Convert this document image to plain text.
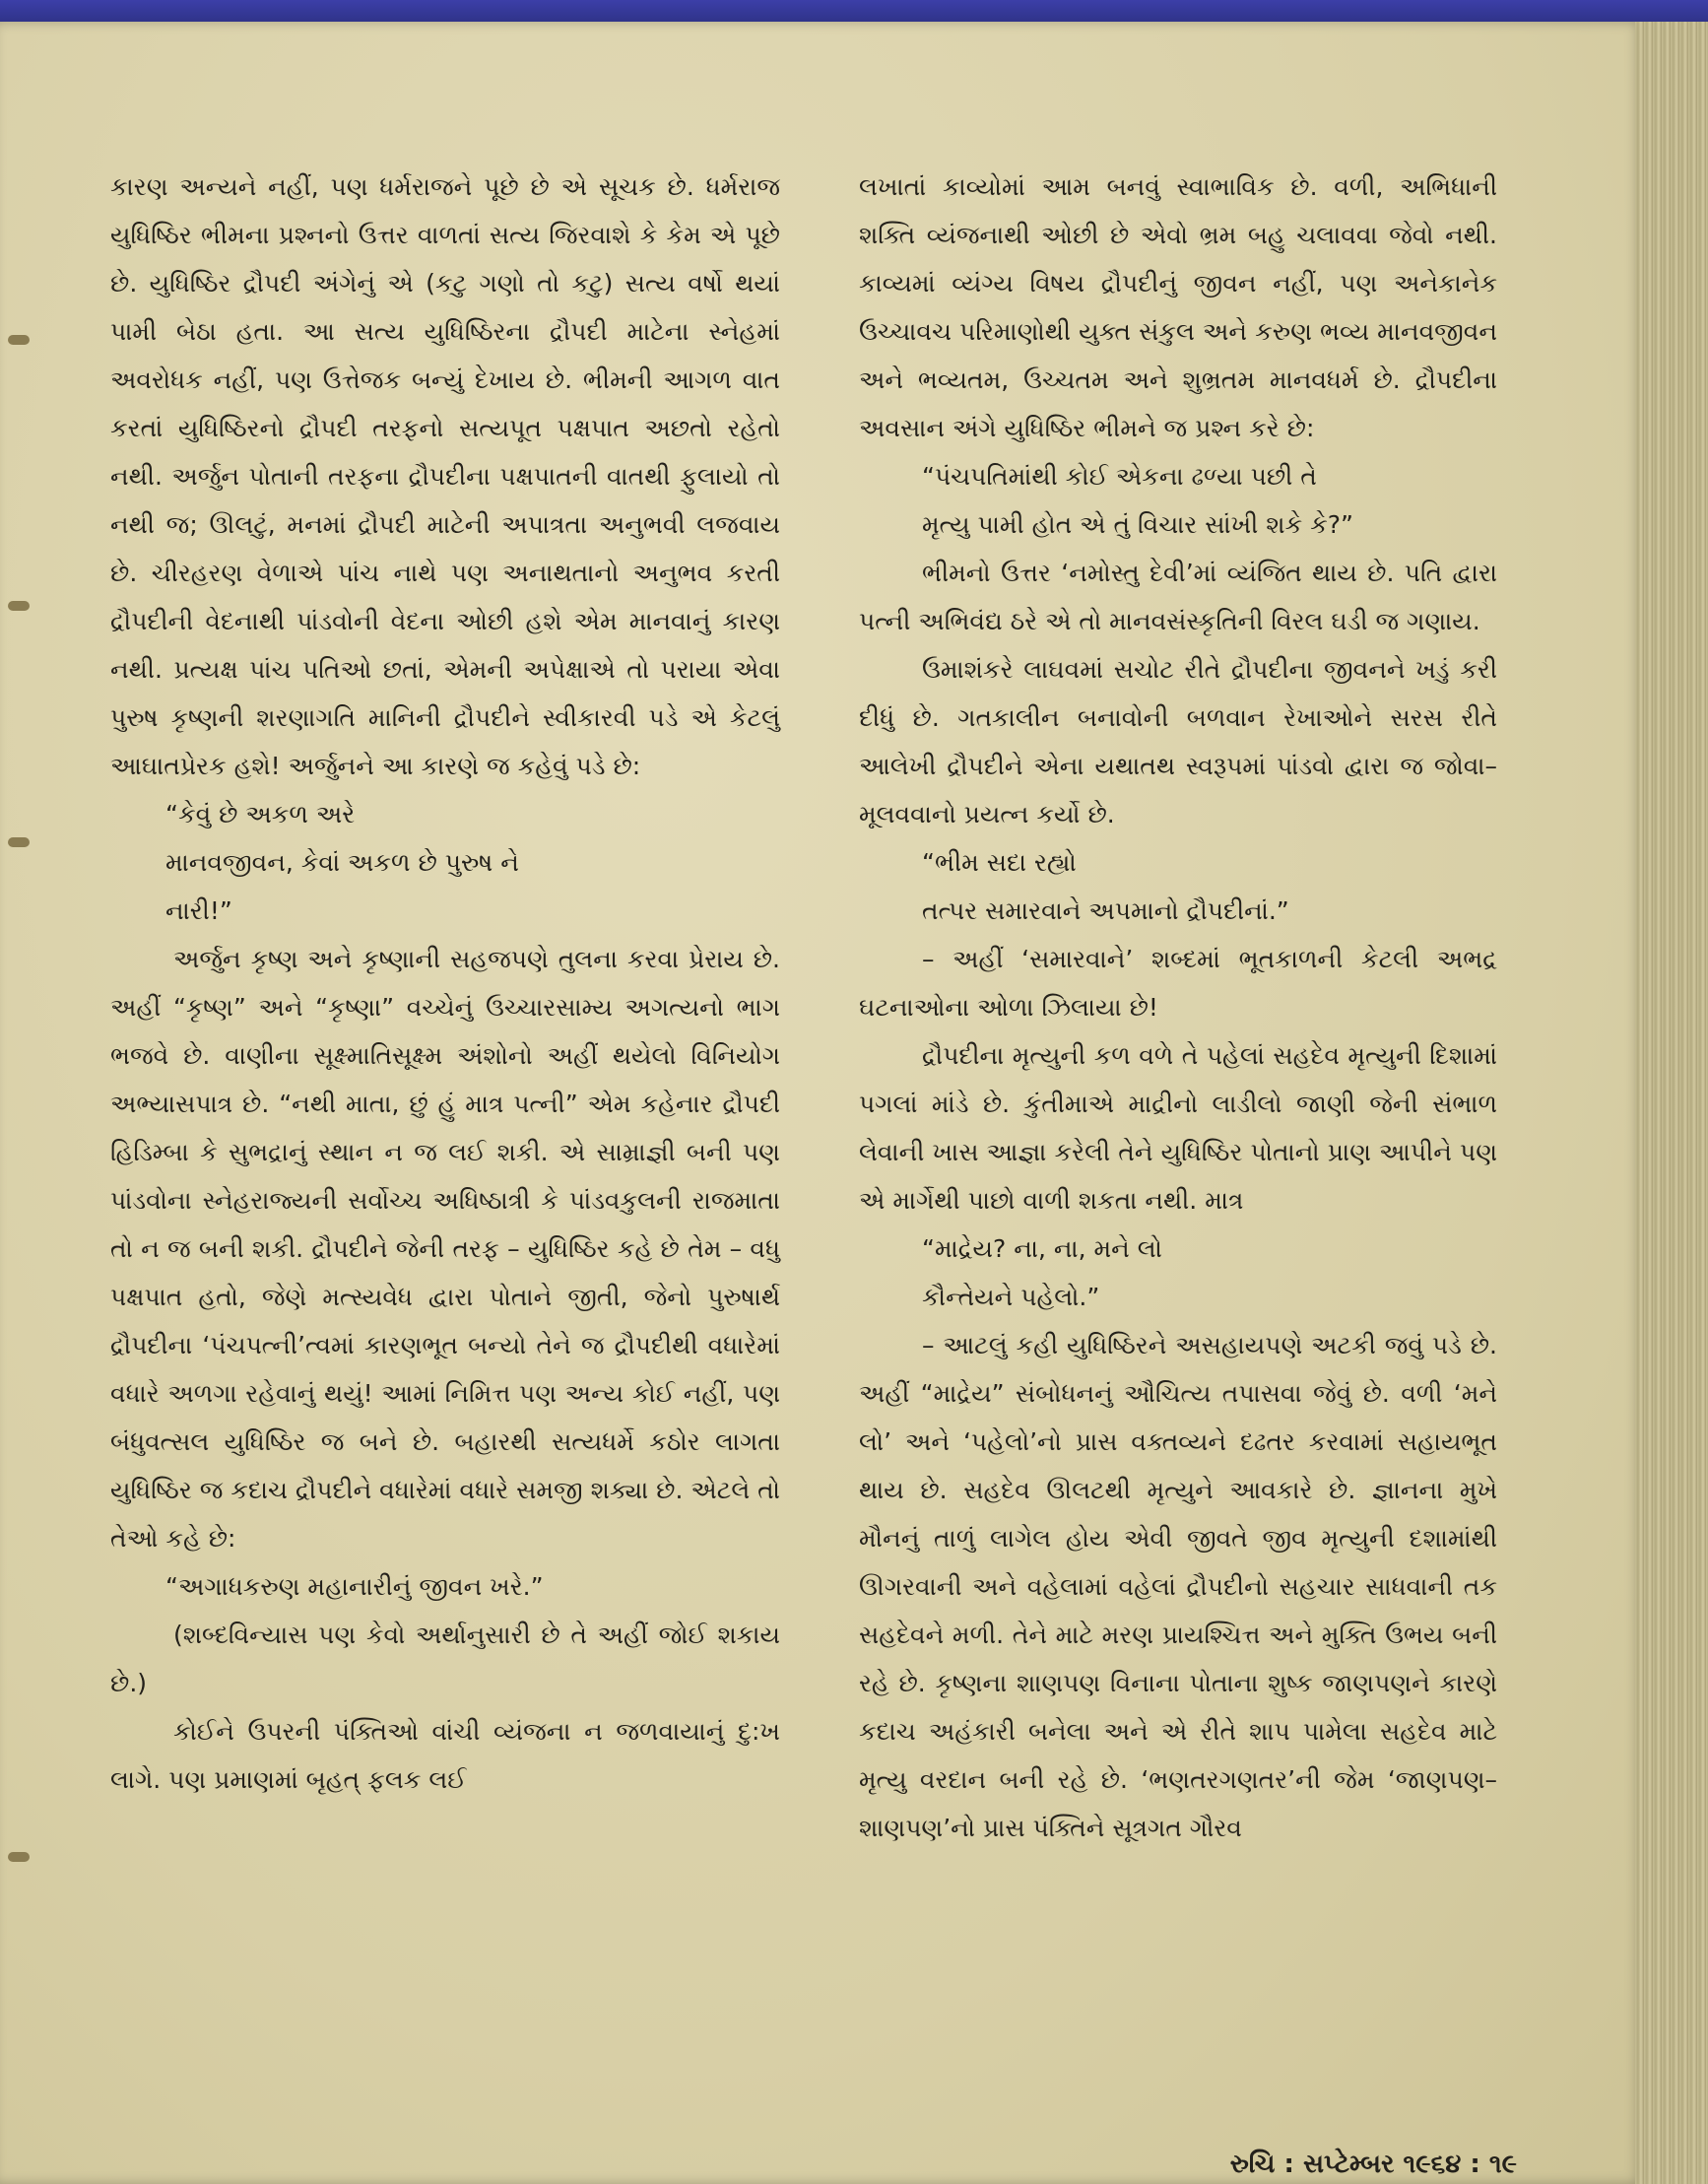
કારણ અન્યને નહીં, પણ ધર્મરાજને પૂછે છે એ સૂચક છે. ધર્મરાજ યુધિષ્ઠિર ભીમના પ્રશ્નનો ઉત્તર વાળતાં સત્ય જિરવાશે કે કેમ એ પૂછે છે. યુધિષ્ઠિર દ્રૌપદી અંગેનું એ (કટુ ગણો તો કટુ) સત્ય વર્ષો થયાં પામી બેઠા હતા. આ સત્ય યુધિષ્ઠિરના દ્રૌપદી માટેના સ્નેહમાં અવરોધક નહીં, પણ ઉત્તેજક બન્યું દેખાય છે. ભીમની આગળ વાત કરતાં યુધિષ્ઠિરનો દ્રૌપદી તરફનો સત્યપૂત પક્ષપાત અછતો રહેતો નથી. અર્જુન પોતાની તરફના દ્રૌપદીના પક્ષપાતની વાતથી ફુલાયો તો નથી જ; ઊલટું, મનમાં દ્રૌપદી માટેની અપાત્રતા અનુભવી લજવાય છે. ચીરહરણ વેળાએ પાંચ નાથે પણ અનાથતાનો અનુભવ કરતી દ્રૌપદીની વેદનાથી પાંડવોની વેદના ઓછી હશે એમ માનવાનું કારણ નથી. પ્રત્યક્ષ પાંચ પતિઓ છતાં, એમની અપેક્ષાએ તો પરાયા એવા પુરુષ કૃષ્ણની શરણાગતિ માનિની દ્રૌપદીને સ્વીકારવી પડે એ કેટલું આઘાતપ્રેરક હશે! અર્જુનને આ કારણે જ કહેવું પડે છે:

“કેવું છે અકળ અરે

માનવજીવન, કેવાં અકળ છે પુરુષ ને

નારી!”

અર્જુન કૃષ્ણ અને કૃષ્ણાની સહજપણે તુલના કરવા પ્રેરાય છે. અહીં “કૃષ્ણ” અને “કૃષ્ણા” વચ્ચેનું ઉચ્ચારસામ્ય અગત્યનો ભાગ ભજવે છે. વાણીના સૂક્ષ્માતિસૂક્ષ્મ અંશોનો અહીં થયેલો વિનિયોગ અભ્યાસપાત્ર છે. “નથી માતા, છું હું માત્ર પત્ની” એમ કહેનાર દ્રૌપદી હિડિમ્બા કે સુભદ્રાનું સ્થાન ન જ લઈ શકી. એ સામ્રાજ્ઞી બની પણ પાંડવોના સ્નેહરાજ્યની સર્વોચ્ચ અધિષ્ઠાત્રી કે પાંડવકુલની રાજમાતા તો ન જ બની શકી. દ્રૌપદીને જેની તરફ – યુધિષ્ઠિર કહે છે તેમ – વધુ પક્ષપાત હતો, જેણે મત્સ્યવેધ દ્વારા પોતાને જીતી, જેનો પુરુષાર્થ દ્રૌપદીના ‘પંચપત્ની’ત્વમાં કારણભૂત બન્યો તેને જ દ્રૌપદીથી વધારેમાં વધારે અળગા રહેવાનું થયું! આમાં નિમિત્ત પણ અન્ય કોઈ નહીં, પણ બંધુવત્સલ યુધિષ્ઠિર જ બને છે. બહારથી સત્યધર્મે કઠોર લાગતા યુધિષ્ઠિર જ કદાચ દ્રૌપદીને વધારેમાં વધારે સમજી શક્યા છે. એટલે તો તેઓ કહે છે:

“અગાધકરુણ મહાનારીનું જીવન ખરે.”

(શબ્દવિન્યાસ પણ કેવો અર્થાનુસારી છે તે અહીં જોઈ શકાય છે.)

કોઈને ઉપરની પંક્તિઓ વાંચી વ્યંજના ન જળવાયાનું દુ:ખ લાગે. પણ પ્રમાણમાં બૃહત્ ફલક લઈ

લખાતાં કાવ્યોમાં આમ બનવું સ્વાભાવિક છે. વળી, અભિધાની શક્તિ વ્યંજનાથી ઓછી છે એવો ભ્રમ બહુ ચલાવવા જેવો નથી. કાવ્યમાં વ્યંગ્ય વિષય દ્રૌપદીનું જીવન નહીં, પણ અનેકાનેક ઉચ્ચાવચ પરિમાણોથી યુક્ત સંકુલ અને કરુણ ભવ્ય માનવજીવન અને ભવ્યતમ, ઉચ્ચતમ અને શુભ્રતમ માનવધર્મ છે. દ્રૌપદીના અવસાન અંગે યુધિષ્ઠિર ભીમને જ પ્રશ્ન કરે છે:

“પંચપતિમાંથી કોઈ એકના ઢળ્યા પછી તે

મૃત્યુ પામી હોત એ તું વિચાર સાંખી શકે કે?”

ભીમનો ઉત્તર ‘નમોસ્તુ દેવી’માં વ્યંજિત થાય છે. પતિ દ્વારા પત્ની અભિવંદ્ય ઠરે એ તો માનવસંસ્કૃતિની વિરલ ઘડી જ ગણાય.

ઉમાશંકરે લાઘવમાં સચોટ રીતે દ્રૌપદીના જીવનને ખડું કરી દીધું છે. ગતકાલીન બનાવોની બળવાન રેખાઓને સરસ રીતે આલેખી દ્રૌપદીને એના યથાતથ સ્વરૂપમાં પાંડવો દ્વારા જ જોવા–મૂલવવાનો પ્રયત્ન કર્યો છે.

“ભીમ સદા રહ્યો

તત્પર સમારવાને અપમાનો દ્રૌપદીનાં.”

– અહીં ‘સમારવાને’ શબ્દમાં ભૂતકાળની કેટલી અભદ્ર ઘટનાઓના ઓળા ઝિલાયા છે!

દ્રૌપદીના મૃત્યુની કળ વળે તે પહેલાં સહદેવ મૃત્યુની દિશામાં પગલાં માંડે છે. કુંતીમાએ માદ્રીનો લાડીલો જાણી જેની સંભાળ લેવાની ખાસ આજ્ઞા કરેલી તેને યુધિષ્ઠિર પોતાનો પ્રાણ આપીને પણ એ માર્ગેથી પાછો વાળી શકતા નથી. માત્ર

“માદ્રેય? ના, ના, મને લો

કૌન્તેયને પહેલો.”

– આટલું કહી યુધિષ્ઠિરને અસહાયપણે અટકી જવું પડે છે. અહીં “માદ્રેય” સંબોધનનું ઔચિત્ય તપાસવા જેવું છે. વળી ‘મને લો’ અને ‘પહેલો’નો પ્રાસ વક્તવ્યને દઢતર કરવામાં સહાયભૂત થાય છે. સહદેવ ઊલટથી મૃત્યુને આવકારે છે. જ્ઞાનના મુખે મૌનનું તાળું લાગેલ હોય એવી જીવતે જીવ મૃત્યુની દશામાંથી ઊગરવાની અને વહેલામાં વહેલાં દ્રૌપદીનો સહચાર સાધવાની તક સહદેવને મળી. તેને માટે મરણ પ્રાયશ્ચિત્ત અને મુક્તિ ઉભય બની રહે છે. કૃષ્ણના શાણપણ વિનાના પોતાના શુષ્ક જાણપણને કારણે કદાચ અહંકારી બનેલા અને એ રીતે શાપ પામેલા સહદેવ માટે મૃત્યુ વરદાન બની રહે છે. ‘ભણતરગણતર’ની જેમ ‘જાણપણ–શાણપણ’નો પ્રાસ પંક્તિને સૂત્રગત ગૌરવ

રુચિ : સપ્ટેમ્બર ૧૯૬૪ : ૧૯
